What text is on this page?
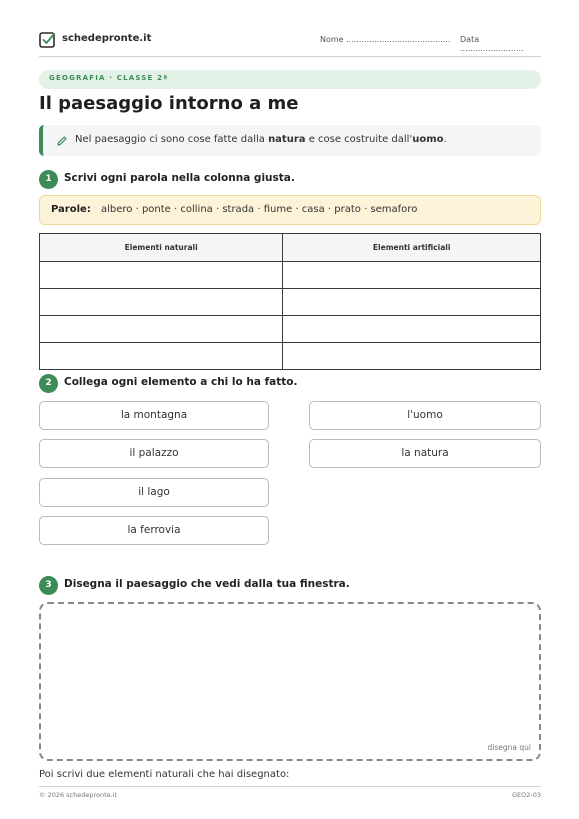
schedepronte.it	Nome ......................................... Data .........................
GEOGRAFIA · CLASSE 2ª
Il paesaggio intorno a me
Nel paesaggio ci sono cose fatte dalla natura e cose costruite dall'uomo.
1	Scrivi ogni parola nella colonna giusta.
Parole: albero · ponte · collina · strada · fiume · casa · prato · semaforo
Elementi naturali	Elementi artificiali

2	Collega ogni elemento a chi lo ha fatto.
la montagna
il palazzo
il lago
la ferrovia
l'uomo
la natura
3	Disegna il paesaggio che vedi dalla tua finestra.
disegna qui
Poi scrivi due elementi naturali che hai disegnato:
© 2026 schedepronte.it	GEO2-03
